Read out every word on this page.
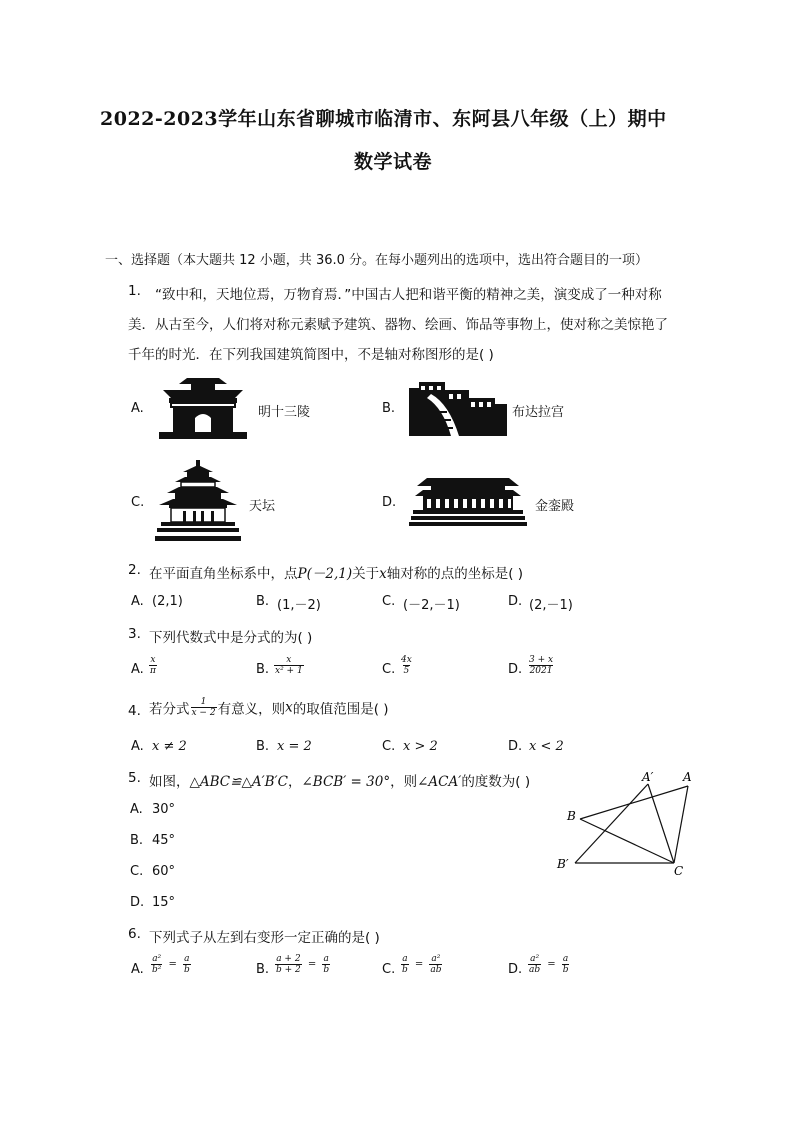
2022-2023学年山东省聊城市临清市、东阿县八年级（上）期中
数学试卷
一、选择题（本大题共 12 小题，共 36.0 分。在每小题列出的选项中，选出符合题目的一项）
1. “致中和，天地位焉，万物育焉．”中国古人把和谐平衡的精神之美，演变成了一种对称
美．从古至今，人们将对称元素赋予建筑、器物、绘画、饰品等事物上，使对称之美惊艳了
千年的时光．在下列我国建筑简图中，不是轴对称图形的是( )
A.	明十三陵	B.	布达拉宫
C.	天坛	D.	金銮殿
2. 在平面直角坐标系中，点P(－2,1)关于x轴对称的点的坐标是( )
A. (2,1)	B. (1,－2)	C. (－2,－1)	D. (2,－1)
3. 下列代数式中是分式的为( )
A. $\frac{x}{\pi}$	B. $\frac{x}{\text{x² + 1}}$	C. $\frac{4x}{5}$	D. $\frac{3 + x}{2021}$
4. 若分式 $\frac{1}{x - 2}$ 有意义，则x的取值范围是( )
A. x ≠ 2	B. x = 2	C. x > 2	D. x < 2
5. 如图，△ABC≌△A′B′C，∠BCB′ = 30°，则∠ACA′的度数为( )
A. 30°
B. 45°
C. 60°
D. 15°
A′ A
B
B′	C
6. 下列式子从左到右变形一定正确的是( )
A. $\frac{\text{a²}}{\text{b²}} = \frac{a}{b}$	B. $\frac{a + 2}{b + 2} = \frac{a}{b}$	C. $\frac{a}{b} = \frac{\text{a²}}{ab}$	D. $\frac{\text{a²}}{ab} = \frac{a}{b}$
